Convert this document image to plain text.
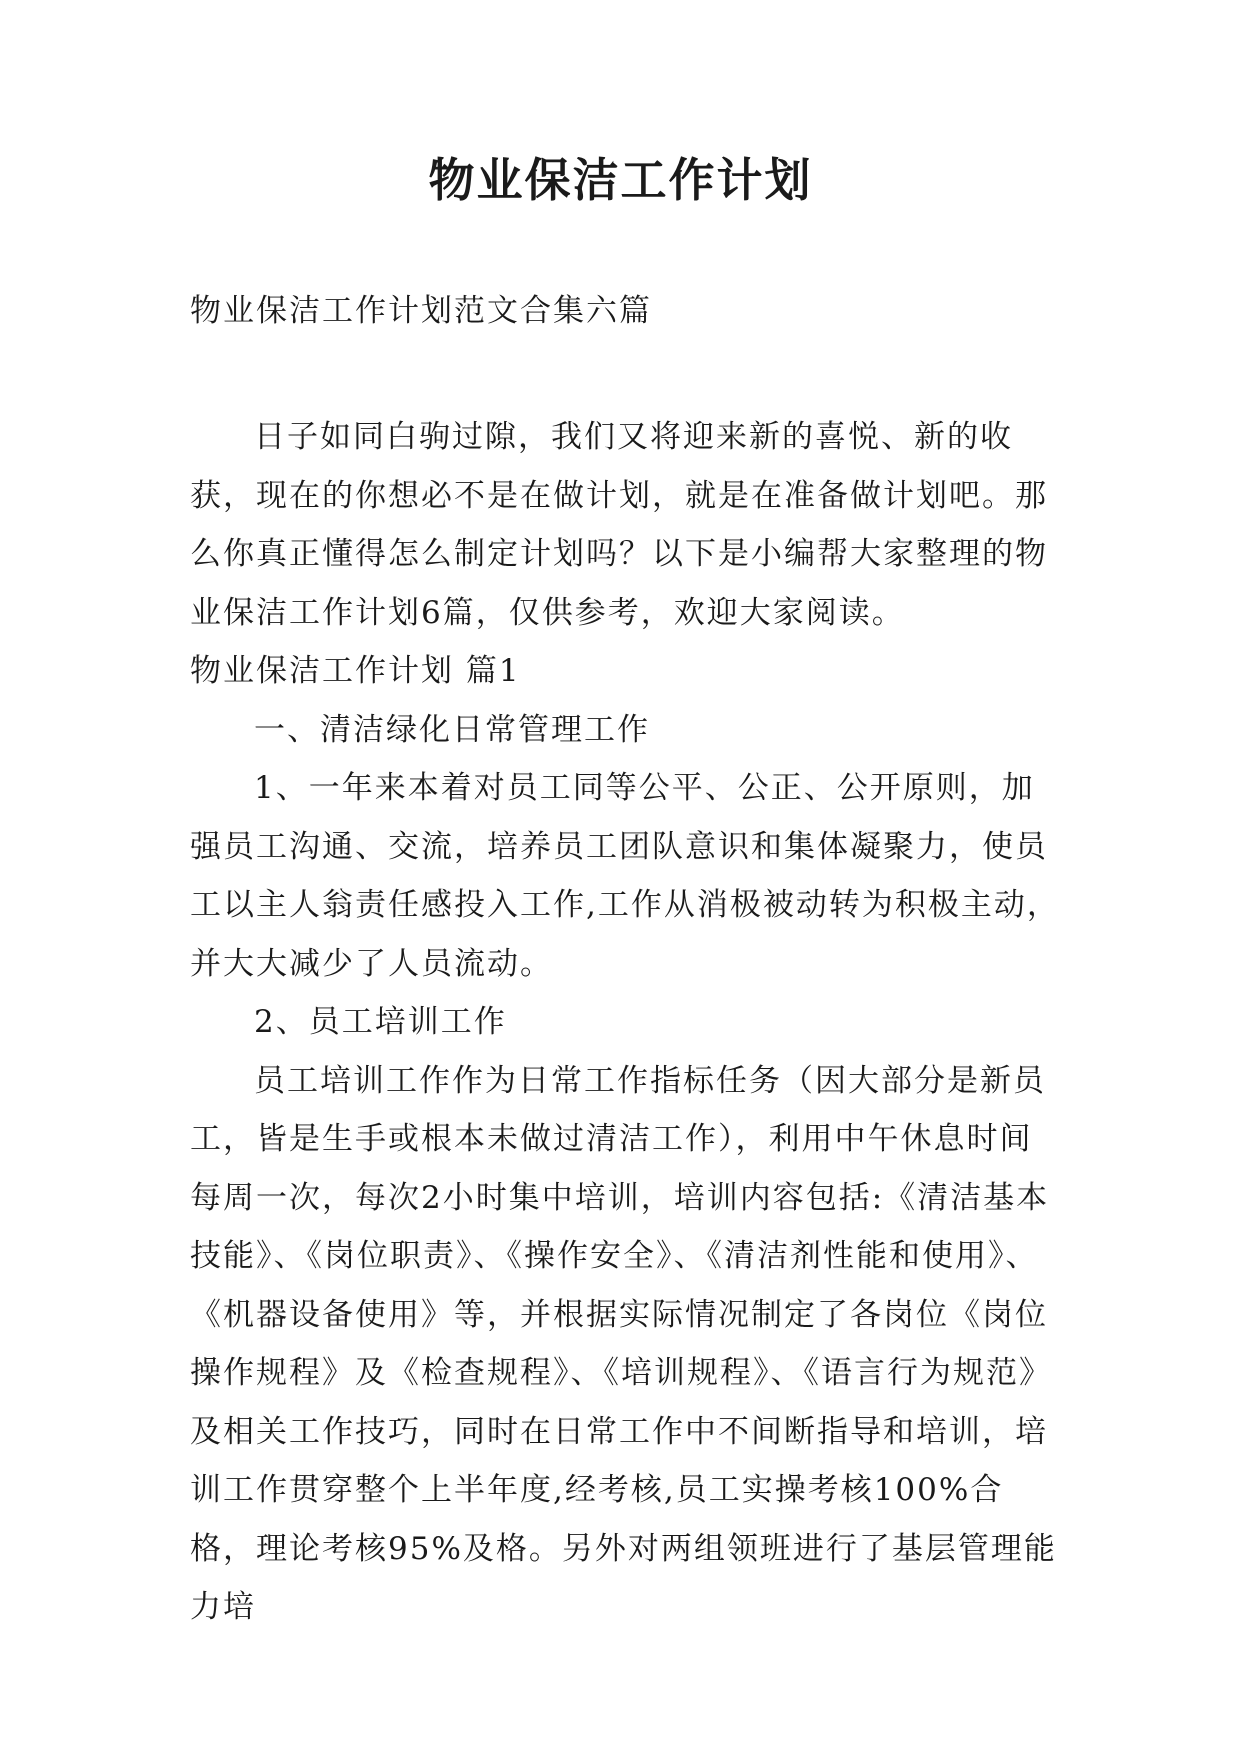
物业保洁工作计划

物业保洁工作计划范文合集六篇

日子如同白驹过隙，我们又将迎来新的喜悦、新的收获，现在的你想必不是在做计划，就是在准备做计划吧。那么你真正懂得怎么制定计划吗？以下是小编帮大家整理的物业保洁工作计划6篇，仅供参考，欢迎大家阅读。

物业保洁工作计划 篇1

一、清洁绿化日常管理工作

1、一年来本着对员工同等公平、公正、公开原则，加强员工沟通、交流，培养员工团队意识和集体凝聚力，使员工以主人翁责任感投入工作,工作从消极被动转为积极主动，并大大减少了人员流动。

2、员工培训工作

员工培训工作作为日常工作指标任务（因大部分是新员工，皆是生手或根本未做过清洁工作），利用中午休息时间每周一次，每次2小时集中培训，培训内容包括:《清洁基本技能》、《岗位职责》、《操作安全》、《清洁剂性能和使用》、《机器设备使用》等，并根据实际情况制定了各岗位《岗位操作规程》及《检查规程》、《培训规程》、《语言行为规范》及相关工作技巧，同时在日常工作中不间断指导和培训，培训工作贯穿整个上半年度,经考核,员工实操考核100%合格，理论考核95%及格。另外对两组领班进行了基层管理能力培
